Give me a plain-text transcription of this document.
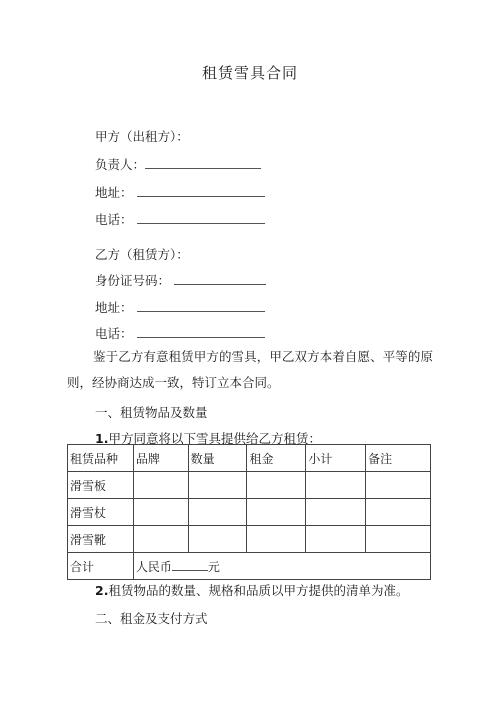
租赁雪具合同
甲方（出租方）：
负责人：
地址：
电话：
乙方（租赁方）：
身份证号码：
地址：
电话：
鉴于乙方有意租赁甲方的雪具，甲乙双方本着自愿、平等的原则，经协商达成一致，特订立本合同。
一、租赁物品及数量
1.甲方同意将以下雪具提供给乙方租赁：
租赁品种	品牌	数量	租金	小计	备注
滑雪板					
滑雪杖					
滑雪靴					
合计	人民币 元				
2.租赁物品的数量、规格和品质以甲方提供的清单为准。
二、租金及支付方式
